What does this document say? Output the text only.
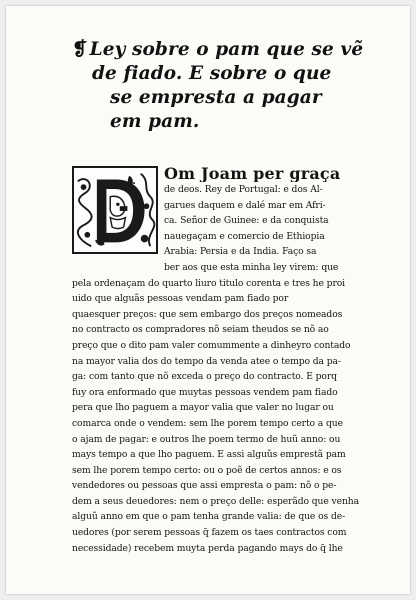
❡ Ley sobre o pam que se vẽ
de fiado. E sobre o que
se empresta a pagar
em pam.
Om Joam per graça
de deos. Rey de Portugal: e dos Al-
garues daquem e dalé mar em Afri-
ca. Señor de Guinee: e da conquista
nauegaçam e comercio de Ethiopia
Arabia: Persia e da India. Faço sa
ber aos que esta minha ley virem: que
pela ordenaçam do quarto liuro titulo corenta e tres he proi
uido que alguãs pessoas vendam pam fiado por
quaesquer preços: que sem embargo dos preços nomeados
no contracto os compradores nõ seiam theudos se nõ ao
preço que o dito pam valer comummente a dinheyro contado
na mayor valia dos do tempo da venda atee o tempo da pa-
ga: com tanto que nõ exceda o preço do contracto. E porq
fuy ora enformado que muytas pessoas vendem pam fiado
pera que lho paguem a mayor valia que valer no lugar ou
comarca onde o vendem: sem lhe porem tempo certo a que
o ajam de pagar: e outros lhe poem termo de huũ anno: ou
mays tempo a que lho paguem. E assi alguũs emprestã pam
sem lhe porem tempo certo: ou o poẽ de certos annos: e os
vendedores ou pessoas que assi empresta o pam: nõ o pe-
dem a seus deuedores: nem o preço delle: esperãdo que venha
alguũ anno em que o pam tenha grande valia: de que os de-
uedores (por serem pessoas q̃ fazem os taes contractos com
necessidade) recebem muyta perda pagando mays do q̃ lhe
